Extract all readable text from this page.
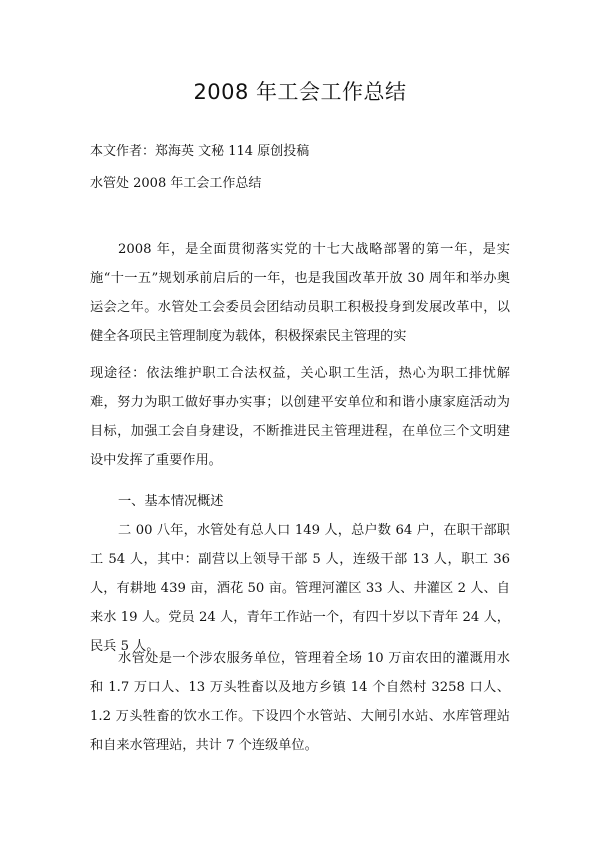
2008 年工会工作总结

本文作者：郑海英 文秘 114 原创投稿

水管处 2008 年工会工作总结

2008 年，是全面贯彻落实党的十七大战略部署的第一年，是实施“十一五”规划承前启后的一年，也是我国改革开放 30 周年和举办奥运会之年。水管处工会委员会团结动员职工积极投身到发展改革中，以健全各项民主管理制度为载体，积极探索民主管理的实

现途径：依法维护职工合法权益，关心职工生活，热心为职工排忧解难，努力为职工做好事办实事；以创建平安单位和和谐小康家庭活动为目标，加强工会自身建设，不断推进民主管理进程，在单位三个文明建设中发挥了重要作用。

一、基本情况概述

二 00 八年，水管处有总人口 149 人，总户数 64 户，在职干部职工 54 人，其中：副营以上领导干部 5 人，连级干部 13 人，职工 36 人，有耕地 439 亩，酒花 50 亩。管理河灌区 33 人、井灌区 2 人、自来水 19 人。党员 24 人，青年工作站一个，有四十岁以下青年 24 人，民兵 5 人。

水管处是一个涉农服务单位，管理着全场 10 万亩农田的灌溉用水和 1.7 万口人、13 万头牲畜以及地方乡镇 14 个自然村 3258 口人、1.2 万头牲畜的饮水工作。下设四个水管站、大闸引水站、水库管理站和自来水管理站，共计 7 个连级单位。
